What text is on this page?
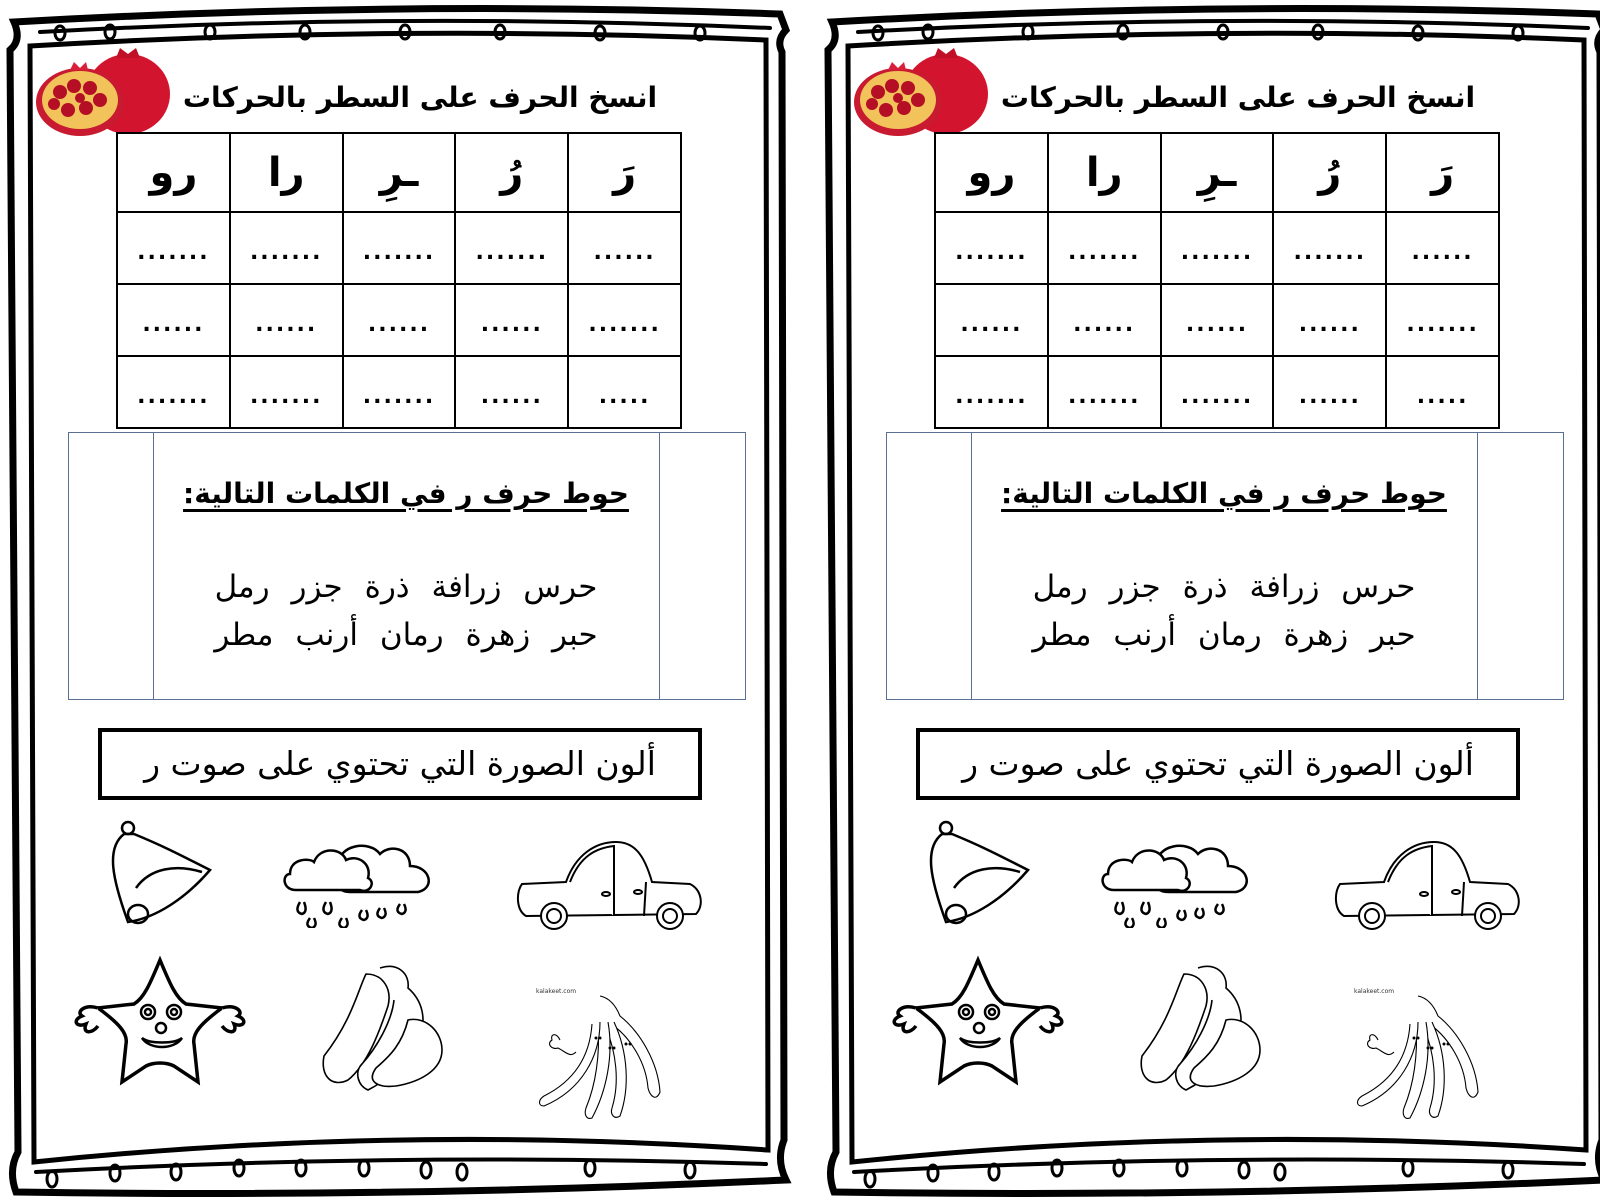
انسخ الحرف على السطر بالحركات
رَ	رُ	ـرِ	را	رو
......	.......	.......	.......	.......
.......	......	......	......	......
.....	......	.......	.......	.......
حوط حرف ر في الكلمات التالية:
حرس زرافة ذرة جزر رمل
حبر زهرة رمان أرنب مطر
ألون الصورة التي تحتوي على صوت ر
kalakeet.com
انسخ الحرف على السطر بالحركات
رَ	رُ	ـرِ	را	رو
......	.......	.......	.......	.......
.......	......	......	......	......
.....	......	.......	.......	.......
حوط حرف ر في الكلمات التالية:
حرس زرافة ذرة جزر رمل
حبر زهرة رمان أرنب مطر
ألون الصورة التي تحتوي على صوت ر
kalakeet.com
